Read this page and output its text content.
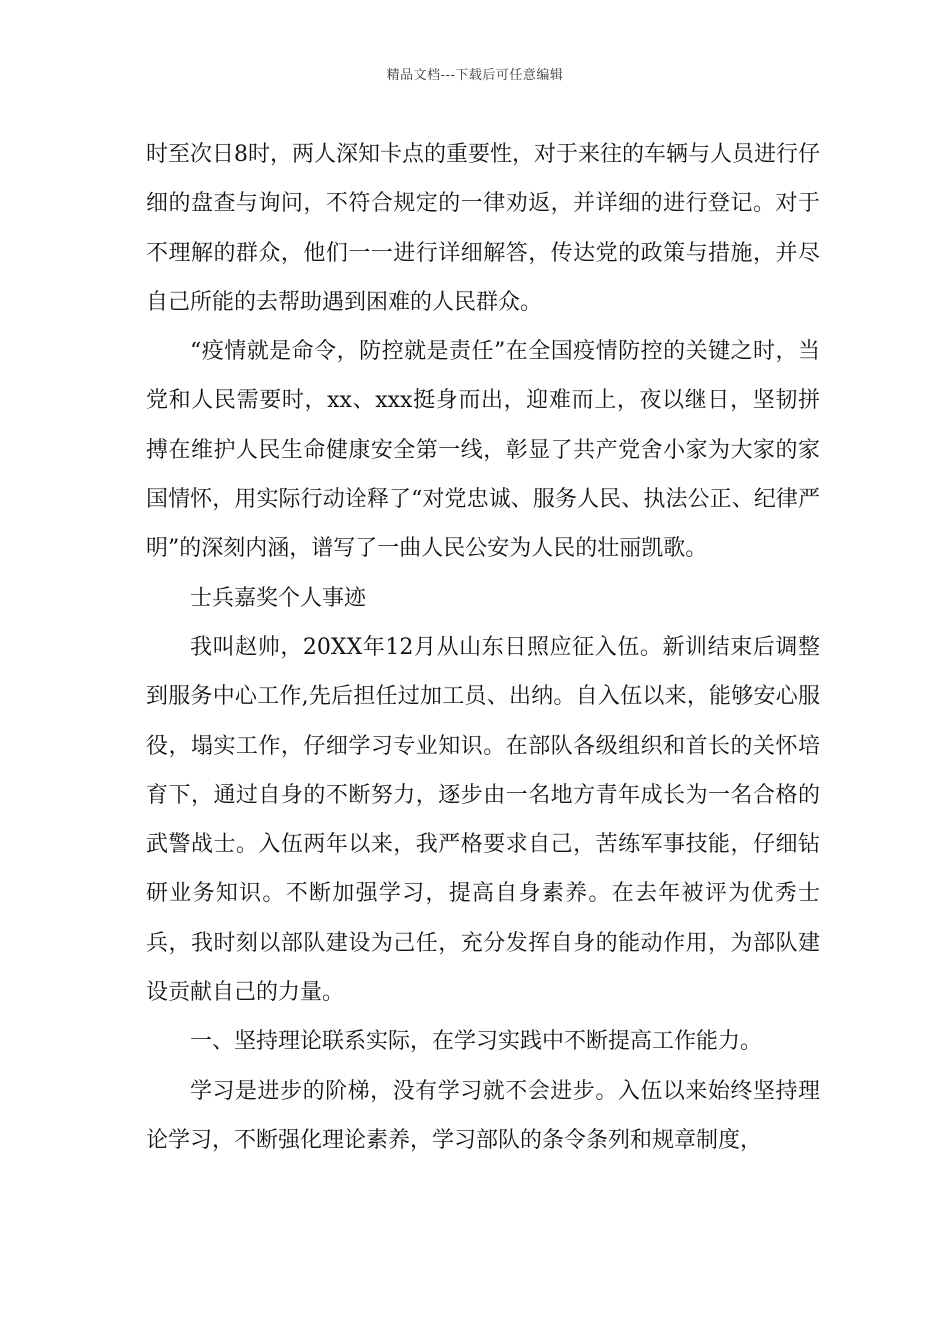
精品文档---下载后可任意编辑

时至次日8时，两人深知卡点的重要性，对于来往的车辆与人员进行仔细的盘查与询问，不符合规定的一律劝返，并详细的进行登记。对于不理解的群众，他们一一进行详细解答，传达党的政策与措施，并尽自己所能的去帮助遇到困难的人民群众。

“疫情就是命令，防控就是责任”在全国疫情防控的关键之时，当党和人民需要时，xx、xxx挺身而出，迎难而上，夜以继日，坚韧拼搏在维护人民生命健康安全第一线，彰显了共产党舍小家为大家的家国情怀，用实际行动诠释了“对党忠诚、服务人民、执法公正、纪律严明”的深刻内涵，谱写了一曲人民公安为人民的壮丽凯歌。

士兵嘉奖个人事迹

我叫赵帅，20XX年12月从山东日照应征入伍。新训结束后调整到服务中心工作,先后担任过加工员、出纳。自入伍以来，能够安心服役，塌实工作，仔细学习专业知识。在部队各级组织和首长的关怀培育下，通过自身的不断努力，逐步由一名地方青年成长为一名合格的武警战士。入伍两年以来，我严格要求自己，苦练军事技能，仔细钻研业务知识。不断加强学习，提高自身素养。在去年被评为优秀士兵，我时刻以部队建设为己任，充分发挥自身的能动作用，为部队建设贡献自己的力量。

一、坚持理论联系实际，在学习实践中不断提高工作能力。

学习是进步的阶梯，没有学习就不会进步。入伍以来始终坚持理论学习，不断强化理论素养，学习部队的条令条列和规章制度，
